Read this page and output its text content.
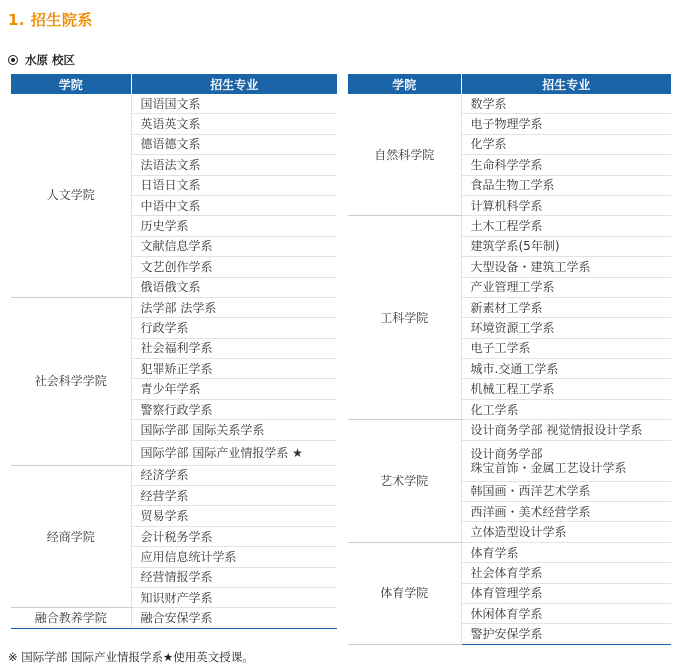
1. 招生院系
水原 校区
学院	招生专业
人文学院	国语国文系
	英语英文系
	德语德文系
	法语法文系
	日语日文系
	中语中文系
	历史学系
	文献信息学系
	文艺创作学系
	俄语俄文系
社会科学学院	法学部 法学系
	行政学系
	社会福利学系
	犯罪矫正学系
	青少年学系
	警察行政学系
	国际学部 国际关系学系
	国际学部 国际产业情报学系 ★
经商学院	经济学系
	经营学系
	贸易学系
	会计税务学系
	应用信息统计学系
	经营情报学系
	知识财产学系
融合教养学院	融合安保学系
学院	招生专业
自然科学院	数学系
	电子物理学系
	化学系
	生命科学学系
	食品生物工学系
	计算机科学系
工科学院	土木工程学系
	建筑学系(5年制)
	大型设备・建筑工学系
	产业管理工学系
	新素材工学系
	环境资源工学系
	电子工学系
	城市.交通工学系
	机械工程工学系
	化工学系
艺术学院	设计商务学部 视觉情报设计学系
	设计商务学部
珠宝首饰・金属工艺设计学系
	韩国画・西洋艺术学系
	西洋画・美术经营学系
	立体造型设计学系
体育学院	体育学系
	社会体育学系
	体育管理学系
	休闲体育学系
	警护安保学系
※ 国际学部 国际产业情报学系★使用英文授课。
